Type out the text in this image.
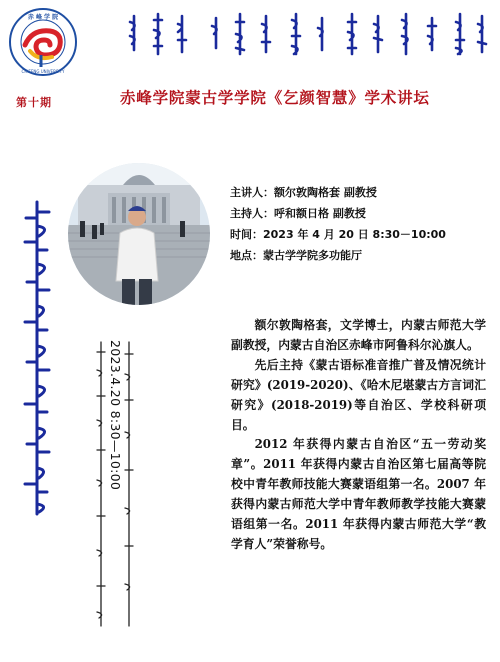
赤 峰 学 院
CHIFENG UNIVERSITY
第十期	赤峰学院蒙古学学院《乞颜智慧》学术讲坛
主讲人：额尔敦陶格套 副教授
主持人：呼和额日格 副教授
时间：2023 年 4 月 20 日 8:30－10:00
地点：蒙古学学院多功能厅
2023.4.20 8:30—10:00

额尔敦陶格套，文学博士，内蒙古师范大学副教授，内蒙古自治区赤峰市阿鲁科尔沁旗人。

先后主持《蒙古语标准音推广普及情况统计研究》(2019-2020)、《哈木尼堪蒙古方言词汇研究》(2018-2019)等自治区、学校科研项目。

2012 年获得内蒙古自治区“五一劳动奖章”。2011 年获得内蒙古自治区第七届高等院校中青年教师技能大赛蒙语组第一名。2007 年获得内蒙古师范大学中青年教师教学技能大赛蒙语组第一名。2011 年获得内蒙古师范大学“教学育人”荣誉称号。
